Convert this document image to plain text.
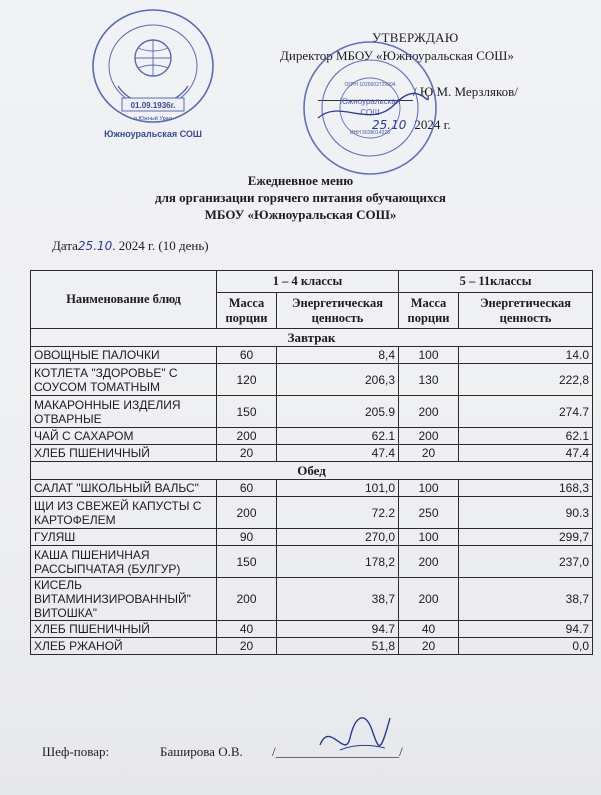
01.09.1936г.
п.Южный Урал
Южноуральская СОШ
УТВЕРЖДАЮ
Директор МБОУ «Южноуральская СОШ»
/ Ю.М. Мерзляков/
25.10 2024 г.
Южноуральская
СОШ
ИНН 5638014325
ОГРН 1025602729394
Ежедневное меню
для организации горячего питания обучающихся
МБОУ «Южноуральская СОШ»
Дата25.10. 2024 г. (10 день)
Наименование блюд	1 – 4 классы		5 – 11классы	
	Масса порции	Энергетическая ценность	Масса порции	Энергетическая ценность
Завтрак				
ОВОЩНЫЕ ПАЛОЧКИ	60	8,4	100	14.0
КОТЛЕТА "ЗДОРОВЬЕ" С СОУСОМ ТОМАТНЫМ	120	206,3	130	222,8
МАКАРОННЫЕ ИЗДЕЛИЯ ОТВАРНЫЕ	150	205.9	200	274.7
ЧАЙ С САХАРОМ	200	62.1	200	62.1
ХЛЕБ ПШЕНИЧНЫЙ	20	47.4	20	47.4
Обед				
САЛАТ "ШКОЛЬНЫЙ ВАЛЬС"	60	101,0	100	168,3
ЩИ ИЗ СВЕЖЕЙ КАПУСТЫ С КАРТОФЕЛЕМ	200	72.2	250	90.3
ГУЛЯШ	90	270,0	100	299,7
КАША ПШЕНИЧНАЯ РАССЫПЧАТАЯ (БУЛГУР)	150	178,2	200	237,0
КИСЕЛЬ ВИТАМИНИЗИРОВАННЫЙ" ВИТОШКА"	200	38,7	200	38,7
ХЛЕБ ПШЕНИЧНЫЙ	40	94.7	40	94.7
ХЛЕБ РЖАНОЙ	20	51,8	20	0,0
Шеф-повар:	Баширова О.В. /___________________/
